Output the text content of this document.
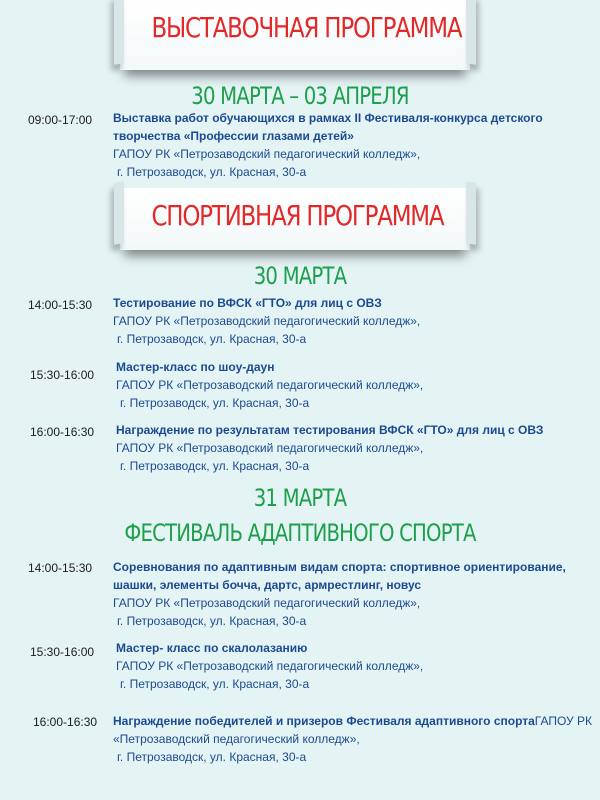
ВЫСТАВОЧНАЯ ПРОГРАММА
30 МАРТА – 03 АПРЕЛЯ
09:00-17:00 Выставка работ обучающихся в рамках II Фестиваля-конкурса детского
творчества «Профессии глазами детей»
ГАПОУ РК «Петрозаводский педагогический колледж»,
г. Петрозаводск, ул. Красная, 30-а
СПОРТИВНАЯ ПРОГРАММА
30 МАРТА
14:00-15:30 Тестирование по ВФСК «ГТО» для лиц с ОВЗ
ГАПОУ РК «Петрозаводский педагогический колледж»,
г. Петрозаводск, ул. Красная, 30-а
15:30-16:00
Мастер-класс по шоу-даун
ГАПОУ РК «Петрозаводский педагогический колледж»,
г. Петрозаводск, ул. Красная, 30-а
16:00-16:30 Награждение по результатам тестирования ВФСК «ГТО» для лиц с ОВЗ
ГАПОУ РК «Петрозаводский педагогический колледж»,
г. Петрозаводск, ул. Красная, 30-а
31 МАРТА
ФЕСТИВАЛЬ АДАПТИВНОГО СПОРТА
14:00-15:30 Соревнования по адаптивным видам спорта: спортивное ориентирование,
шашки, элементы бочча, дартс, армрестлинг, новус
ГАПОУ РК «Петрозаводский педагогический колледж»,
г. Петрозаводск, ул. Красная, 30-а
15:30-16:00 Мастер- класс по скалолазанию
ГАПОУ РК «Петрозаводский педагогический колледж»,
г. Петрозаводск, ул. Красная, 30-а
16:00-16:30 Награждение победителей и призеров Фестиваля адаптивного спортаГАПОУ РК
«Петрозаводский педагогический колледж»,
г. Петрозаводск, ул. Красная, 30-а
